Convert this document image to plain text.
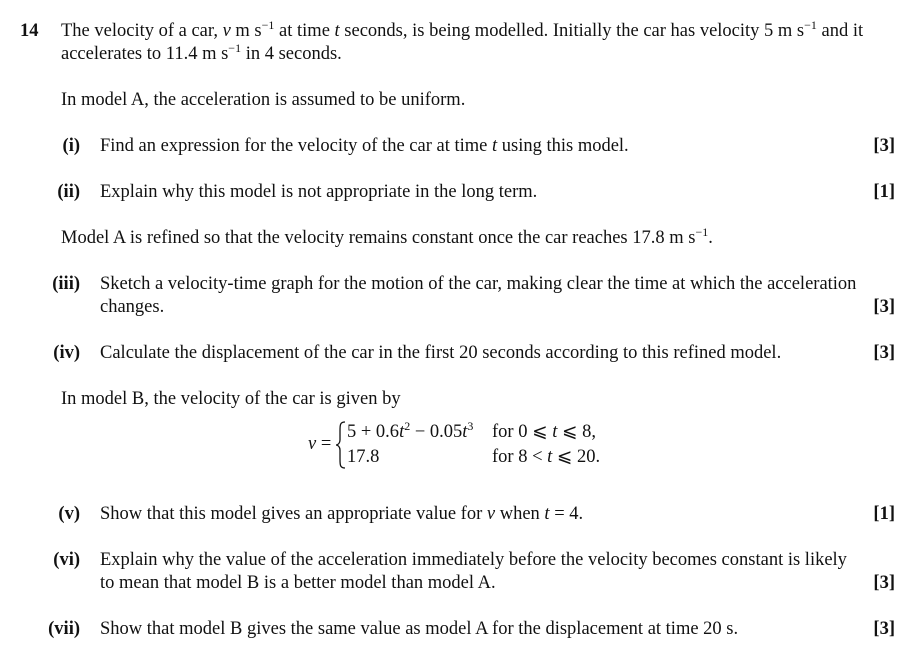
14 The velocity of a car, v m $s^{-1}$ at time t seconds, is being modelled. Initially the car has velocity 5 m $s^{-1}$ and it
accelerates to 11.4 m $s^{-1}$ in 4 seconds.
In model A, the acceleration is assumed to be uniform.
(i) Find an expression for the velocity of the car at time t using this model.	[3]
(ii) Explain why this model is not appropriate in the long term.	[1]
Model A is refined so that the velocity remains constant once the car reaches 17.8 m $s^{-1}$.
(iii) Sketch a velocity-time graph for the motion of the car, making clear the time at which the acceleration
changes.	[3]
(iv) Calculate the displacement of the car in the first 20 seconds according to this refined model.	[3]
In model B, the velocity of the car is given by
v =
$5 + 0.6t^2 - 0.05t^3$ for 0 ⩽ t ⩽ 8,
17.8	for 8 < t ⩽ 20.
(v) Show that this model gives an appropriate value for v when t = 4.	[1]
(vi) Explain why the value of the acceleration immediately before the velocity becomes constant is likely
to mean that model B is a better model than model A.	[3]
(vii) Show that model B gives the same value as model A for the displacement at time 20 s.	[3]
